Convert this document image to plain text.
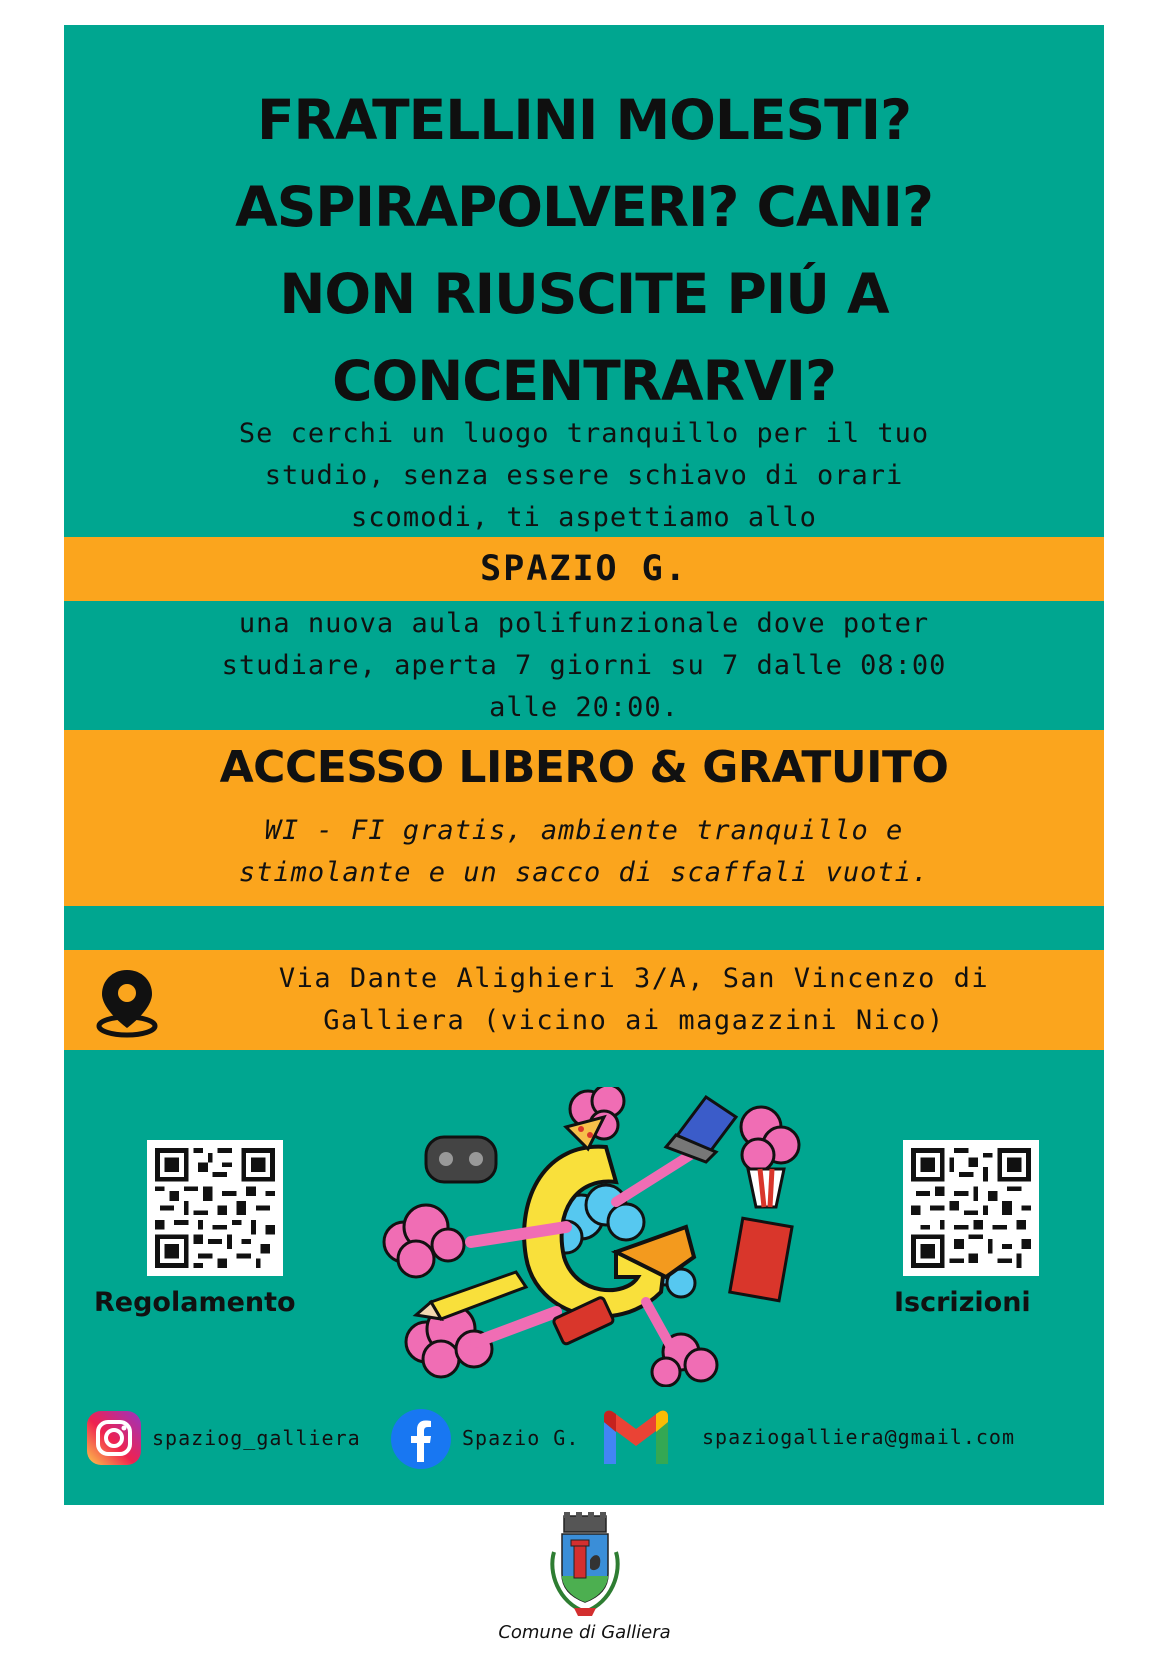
FRATELLINI MOLESTI?
ASPIRAPOLVERI? CANI?
NON RIUSCITE PIÚ A
CONCENTRARVI?
Se cerchi un luogo tranquillo per il tuo
studio, senza essere schiavo di orari
scomodi, ti aspettiamo allo
SPAZIO G.
una nuova aula polifunzionale dove poter
studiare, aperta 7 giorni su 7 dalle 08:00
alle 20:00.
ACCESSO LIBERO & GRATUITO
WI - FI gratis, ambiente tranquillo e
stimolante e un sacco di scaffali vuoti.
Via Dante Alighieri 3/A, San Vincenzo di
Galliera (vicino ai magazzini Nico)
Regolamento	Iscrizioni
spaziog_galliera	Spazio G.	spaziogalliera@gmail.com
Comune di Galliera
